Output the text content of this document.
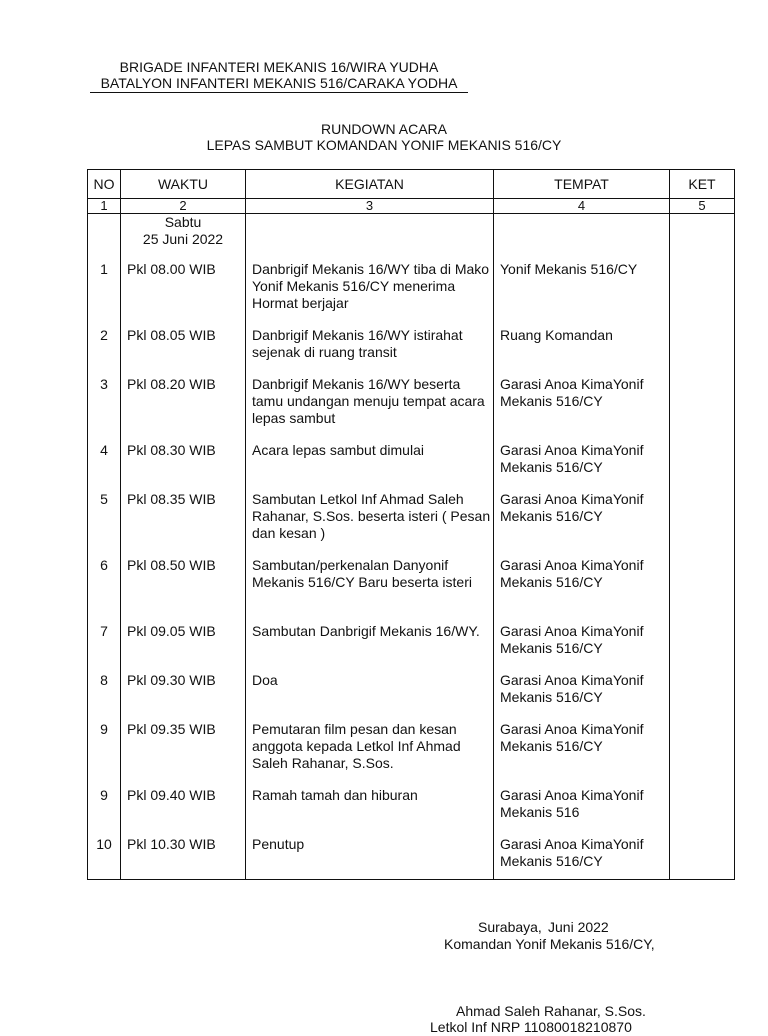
BRIGADE INFANTERI MEKANIS 16/WIRA YUDHA
BATALYON INFANTERI MEKANIS 516/CARAKA YODHA
RUNDOWN ACARA
LEPAS SAMBUT KOMANDAN YONIF MEKANIS 516/CY
NO	WAKTU	KEGIATAN	TEMPAT	KET
1	2	3	4	5

	Sabtu
25 Juni 2022			

1	Pkl 08.00 WIB	Danbrigif Mekanis 16/WY tiba di Mako Yonif Mekanis 516/CY menerima Hormat berjajar	Yonif Mekanis 516/CY	
2	Pkl 08.05 WIB	Danbrigif Mekanis 16/WY istirahat sejenak di ruang transit	Ruang Komandan	
3	Pkl 08.20 WIB	Danbrigif Mekanis 16/WY beserta tamu undangan menuju tempat acara lepas sambut	Garasi Anoa KimaYonif Mekanis 516/CY	
4	Pkl 08.30 WIB	Acara lepas sambut dimulai	Garasi Anoa KimaYonif Mekanis 516/CY	
5	Pkl 08.35 WIB	Sambutan Letkol Inf Ahmad Saleh Rahanar, S.Sos. beserta isteri ( Pesan dan kesan )	Garasi Anoa KimaYonif Mekanis 516/CY	
6	Pkl 08.50 WIB	Sambutan/perkenalan Danyonif Mekanis 516/CY Baru beserta isteri	Garasi Anoa KimaYonif Mekanis 516/CY	
7	Pkl 09.05 WIB	Sambutan Danbrigif Mekanis 16/WY.	Garasi Anoa KimaYonif Mekanis 516/CY	
8	Pkl 09.30 WIB	Doa	Garasi Anoa KimaYonif Mekanis 516/CY	
9	Pkl 09.35 WIB	Pemutaran film pesan dan kesan anggota kepada Letkol Inf Ahmad Saleh Rahanar, S.Sos.	Garasi Anoa KimaYonif Mekanis 516/CY	
9	Pkl 09.40 WIB	Ramah tamah dan hiburan	Garasi Anoa KimaYonif Mekanis 516	
10	Pkl 10.30 WIB	Penutup	Garasi Anoa KimaYonif Mekanis 516/CY	
Surabaya, Juni 2022
Komandan Yonif Mekanis 516/CY,
Ahmad Saleh Rahanar, S.Sos.
Letkol Inf NRP 11080018210870
